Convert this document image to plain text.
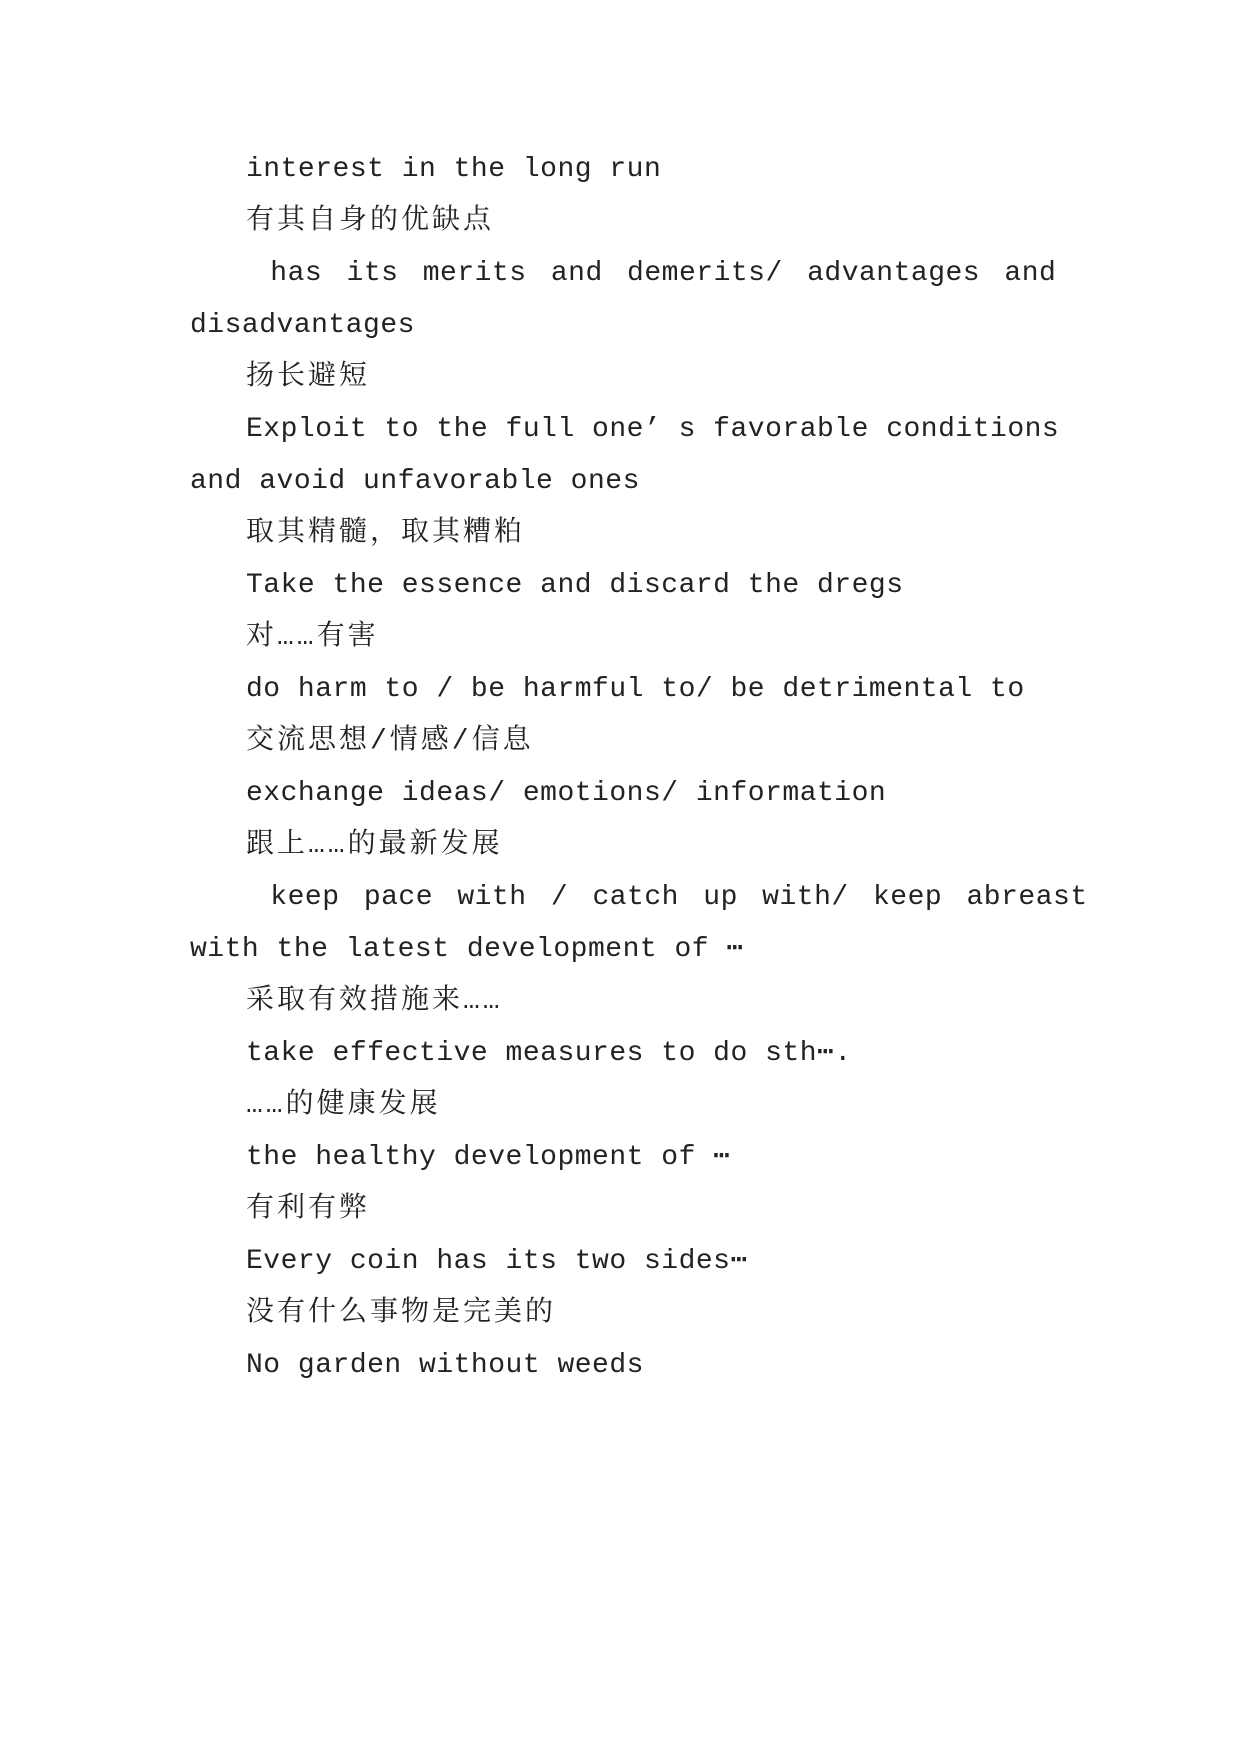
interest in the long run
有其自身的优缺点
has its merits and demerits/ advantages and
disadvantages
扬长避短
Exploit to the full one’ s favorable conditions
and avoid unfavorable ones
取其精髓，取其糟粕
Take the essence and discard the dregs
对……有害
do harm to / be harmful to/ be detrimental to
交流思想/情感/信息
exchange ideas/ emotions/ information
跟上……的最新发展
keep pace with / catch up with/ keep abreast
with the latest development of ⋯
采取有效措施来……
take effective measures to do sth⋯.
……的健康发展
the healthy development of ⋯
有利有弊
Every coin has its two sides⋯
没有什么事物是完美的
No garden without weeds
